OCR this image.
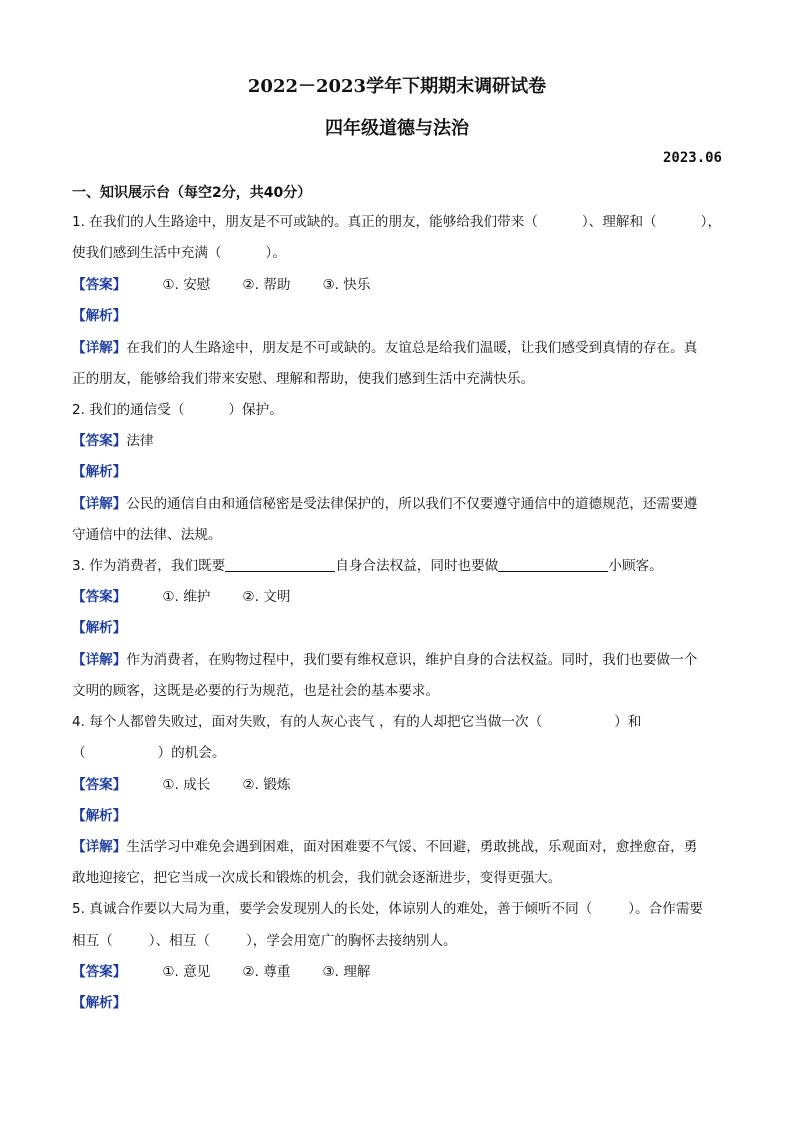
2022－2023学年下期期末调研试卷
四年级道德与法治
2023.06
一、知识展示台（每空2分，共40分）
1. 在我们的人生路途中，朋友是不可或缺的。真正的朋友，能够给我们带来（	）、理解和（	），
使我们感到生活中充满（	）。
【答案】	①. 安慰 ②. 帮助 ③. 快乐
【解析】
【详解】在我们的人生路途中，朋友是不可或缺的。友谊总是给我们温暖，让我们感受到真情的存在。真
正的朋友，能够给我们带来安慰、理解和帮助，使我们感到生活中充满快乐。
2. 我们的通信受（	）保护。
【答案】法律
【解析】
【详解】公民的通信自由和通信秘密是受法律保护的，所以我们不仅要遵守通信中的道德规范，还需要遵
守通信中的法律、法规。
3. 作为消费者，我们既要	自身合法权益，同时也要做	小顾客。
【答案】	①. 维护 ②. 文明
【解析】
【详解】作为消费者，在购物过程中，我们要有维权意识，维护自身的合法权益。同时，我们也要做一个
文明的顾客，这既是必要的行为规范，也是社会的基本要求。
4. 每个人都曾失败过，面对失败，有的人灰心丧气 ，有的人却把它当做一次（	）和
（	）的机会。
【答案】	①. 成长 ②. 锻炼
【解析】
【详解】生活学习中难免会遇到困难，面对困难要不气馁、不回避，勇敢挑战，乐观面对，愈挫愈奋，勇
敢地迎接它，把它当成一次成长和锻炼的机会，我们就会逐渐进步，变得更强大。
5. 真诚合作要以大局为重，要学会发现别人的长处，体谅别人的难处，善于倾听不同（	）。合作需要
相互（	）、相互（	），学会用宽广的胸怀去接纳别人。
【答案】	①. 意见 ②. 尊重 ③. 理解
【解析】
